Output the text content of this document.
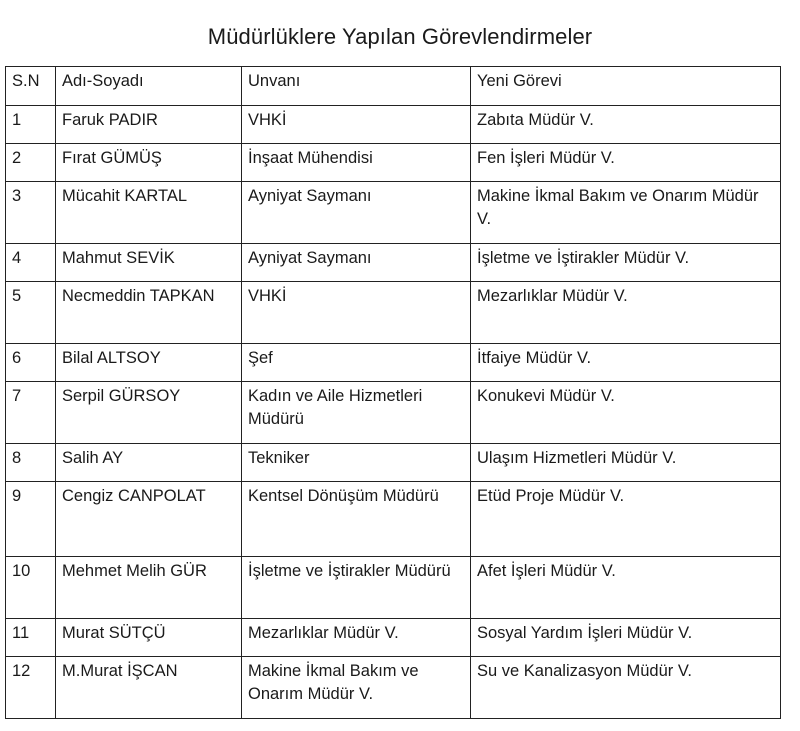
Müdürlüklere Yapılan Görevlendirmeler
S.N	Adı-Soyadı	Unvanı	Yeni Görevi
1	Faruk PADIR	VHKİ	Zabıta Müdür V.
2	Fırat GÜMÜŞ	İnşaat Mühendisi	Fen İşleri Müdür V.
3	Mücahit KARTAL	Ayniyat Saymanı	Makine İkmal Bakım ve Onarım Müdür V.
4	Mahmut SEVİK	Ayniyat Saymanı	İşletme ve İştirakler Müdür V.
5	Necmeddin TAPKAN	VHKİ	Mezarlıklar Müdür V.
6	Bilal ALTSOY	Şef	İtfaiye Müdür V.
7	Serpil GÜRSOY	Kadın ve Aile Hizmetleri Müdürü	Konukevi Müdür V.
8	Salih AY	Tekniker	Ulaşım Hizmetleri Müdür V.
9	Cengiz CANPOLAT	Kentsel Dönüşüm Müdürü	Etüd Proje Müdür V.
10	Mehmet Melih GÜR	İşletme ve İştirakler Müdürü	Afet İşleri Müdür V.
11	Murat SÜTÇÜ	Mezarlıklar Müdür V.	Sosyal Yardım İşleri Müdür V.
12	M.Murat İŞCAN	Makine İkmal Bakım ve Onarım Müdür V.	Su ve Kanalizasyon Müdür V.
